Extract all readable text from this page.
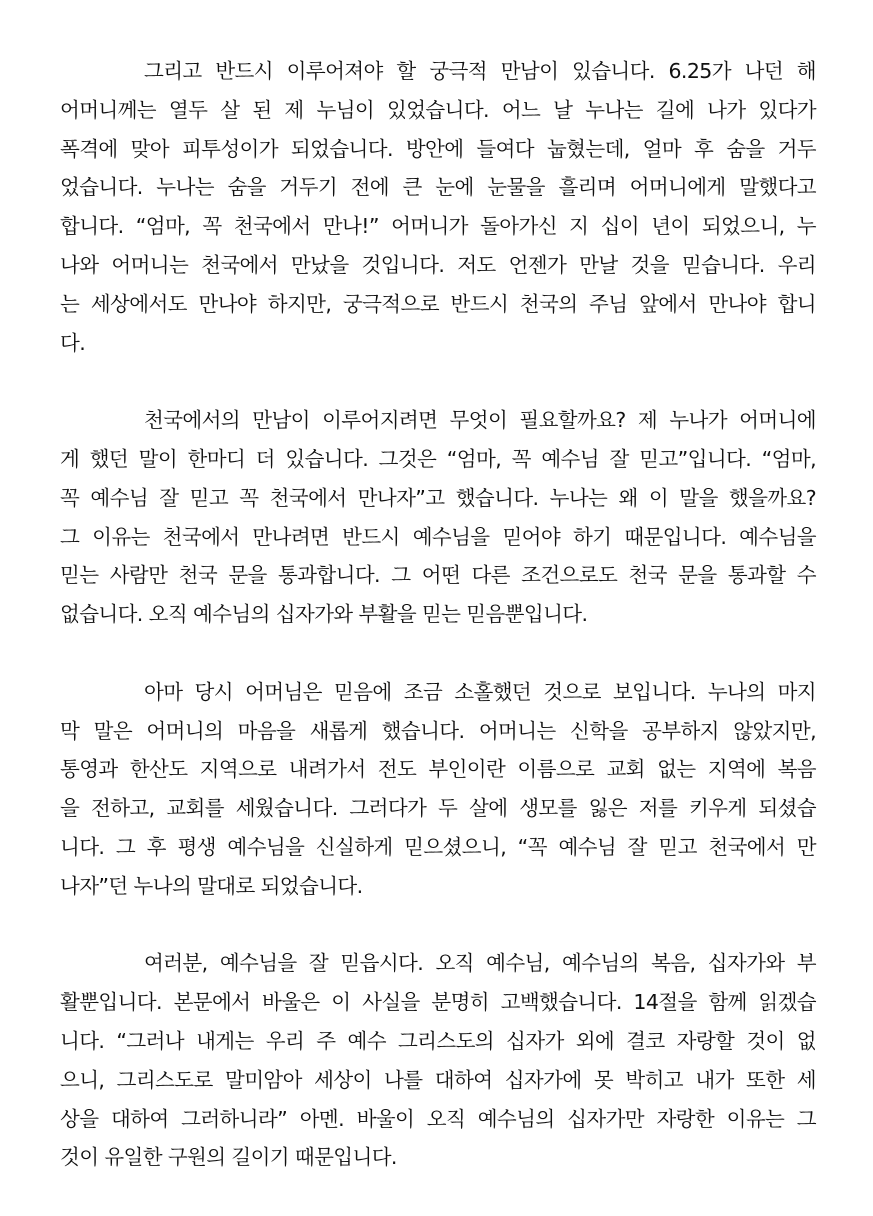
그리고 반드시 이루어져야 할 궁극적 만남이 있습니다. 6.25가 나던 해
어머니께는 열두 살 된 제 누님이 있었습니다. 어느 날 누나는 길에 나가 있다가
폭격에 맞아 피투성이가 되었습니다. 방안에 들여다 눕혔는데, 얼마 후 숨을 거두
었습니다. 누나는 숨을 거두기 전에 큰 눈에 눈물을 흘리며 어머니에게 말했다고
합니다. “엄마, 꼭 천국에서 만나!” 어머니가 돌아가신 지 십이 년이 되었으니, 누
나와 어머니는 천국에서 만났을 것입니다. 저도 언젠가 만날 것을 믿습니다. 우리
는 세상에서도 만나야 하지만, 궁극적으로 반드시 천국의 주님 앞에서 만나야 합니
다.
천국에서의 만남이 이루어지려면 무엇이 필요할까요? 제 누나가 어머니에
게 했던 말이 한마디 더 있습니다. 그것은 “엄마, 꼭 예수님 잘 믿고”입니다. “엄마,
꼭 예수님 잘 믿고 꼭 천국에서 만나자”고 했습니다. 누나는 왜 이 말을 했을까요?
그 이유는 천국에서 만나려면 반드시 예수님을 믿어야 하기 때문입니다. 예수님을
믿는 사람만 천국 문을 통과합니다. 그 어떤 다른 조건으로도 천국 문을 통과할 수
없습니다. 오직 예수님의 십자가와 부활을 믿는 믿음뿐입니다.
아마 당시 어머님은 믿음에 조금 소홀했던 것으로 보입니다. 누나의 마지
막 말은 어머니의 마음을 새롭게 했습니다. 어머니는 신학을 공부하지 않았지만,
통영과 한산도 지역으로 내려가서 전도 부인이란 이름으로 교회 없는 지역에 복음
을 전하고, 교회를 세웠습니다. 그러다가 두 살에 생모를 잃은 저를 키우게 되셨습
니다. 그 후 평생 예수님을 신실하게 믿으셨으니, “꼭 예수님 잘 믿고 천국에서 만
나자”던 누나의 말대로 되었습니다.
여러분, 예수님을 잘 믿읍시다. 오직 예수님, 예수님의 복음, 십자가와 부
활뿐입니다. 본문에서 바울은 이 사실을 분명히 고백했습니다. 14절을 함께 읽겠습
니다. “그러나 내게는 우리 주 예수 그리스도의 십자가 외에 결코 자랑할 것이 없
으니, 그리스도로 말미암아 세상이 나를 대하여 십자가에 못 박히고 내가 또한 세
상을 대하여 그러하니라” 아멘. 바울이 오직 예수님의 십자가만 자랑한 이유는 그
것이 유일한 구원의 길이기 때문입니다.
